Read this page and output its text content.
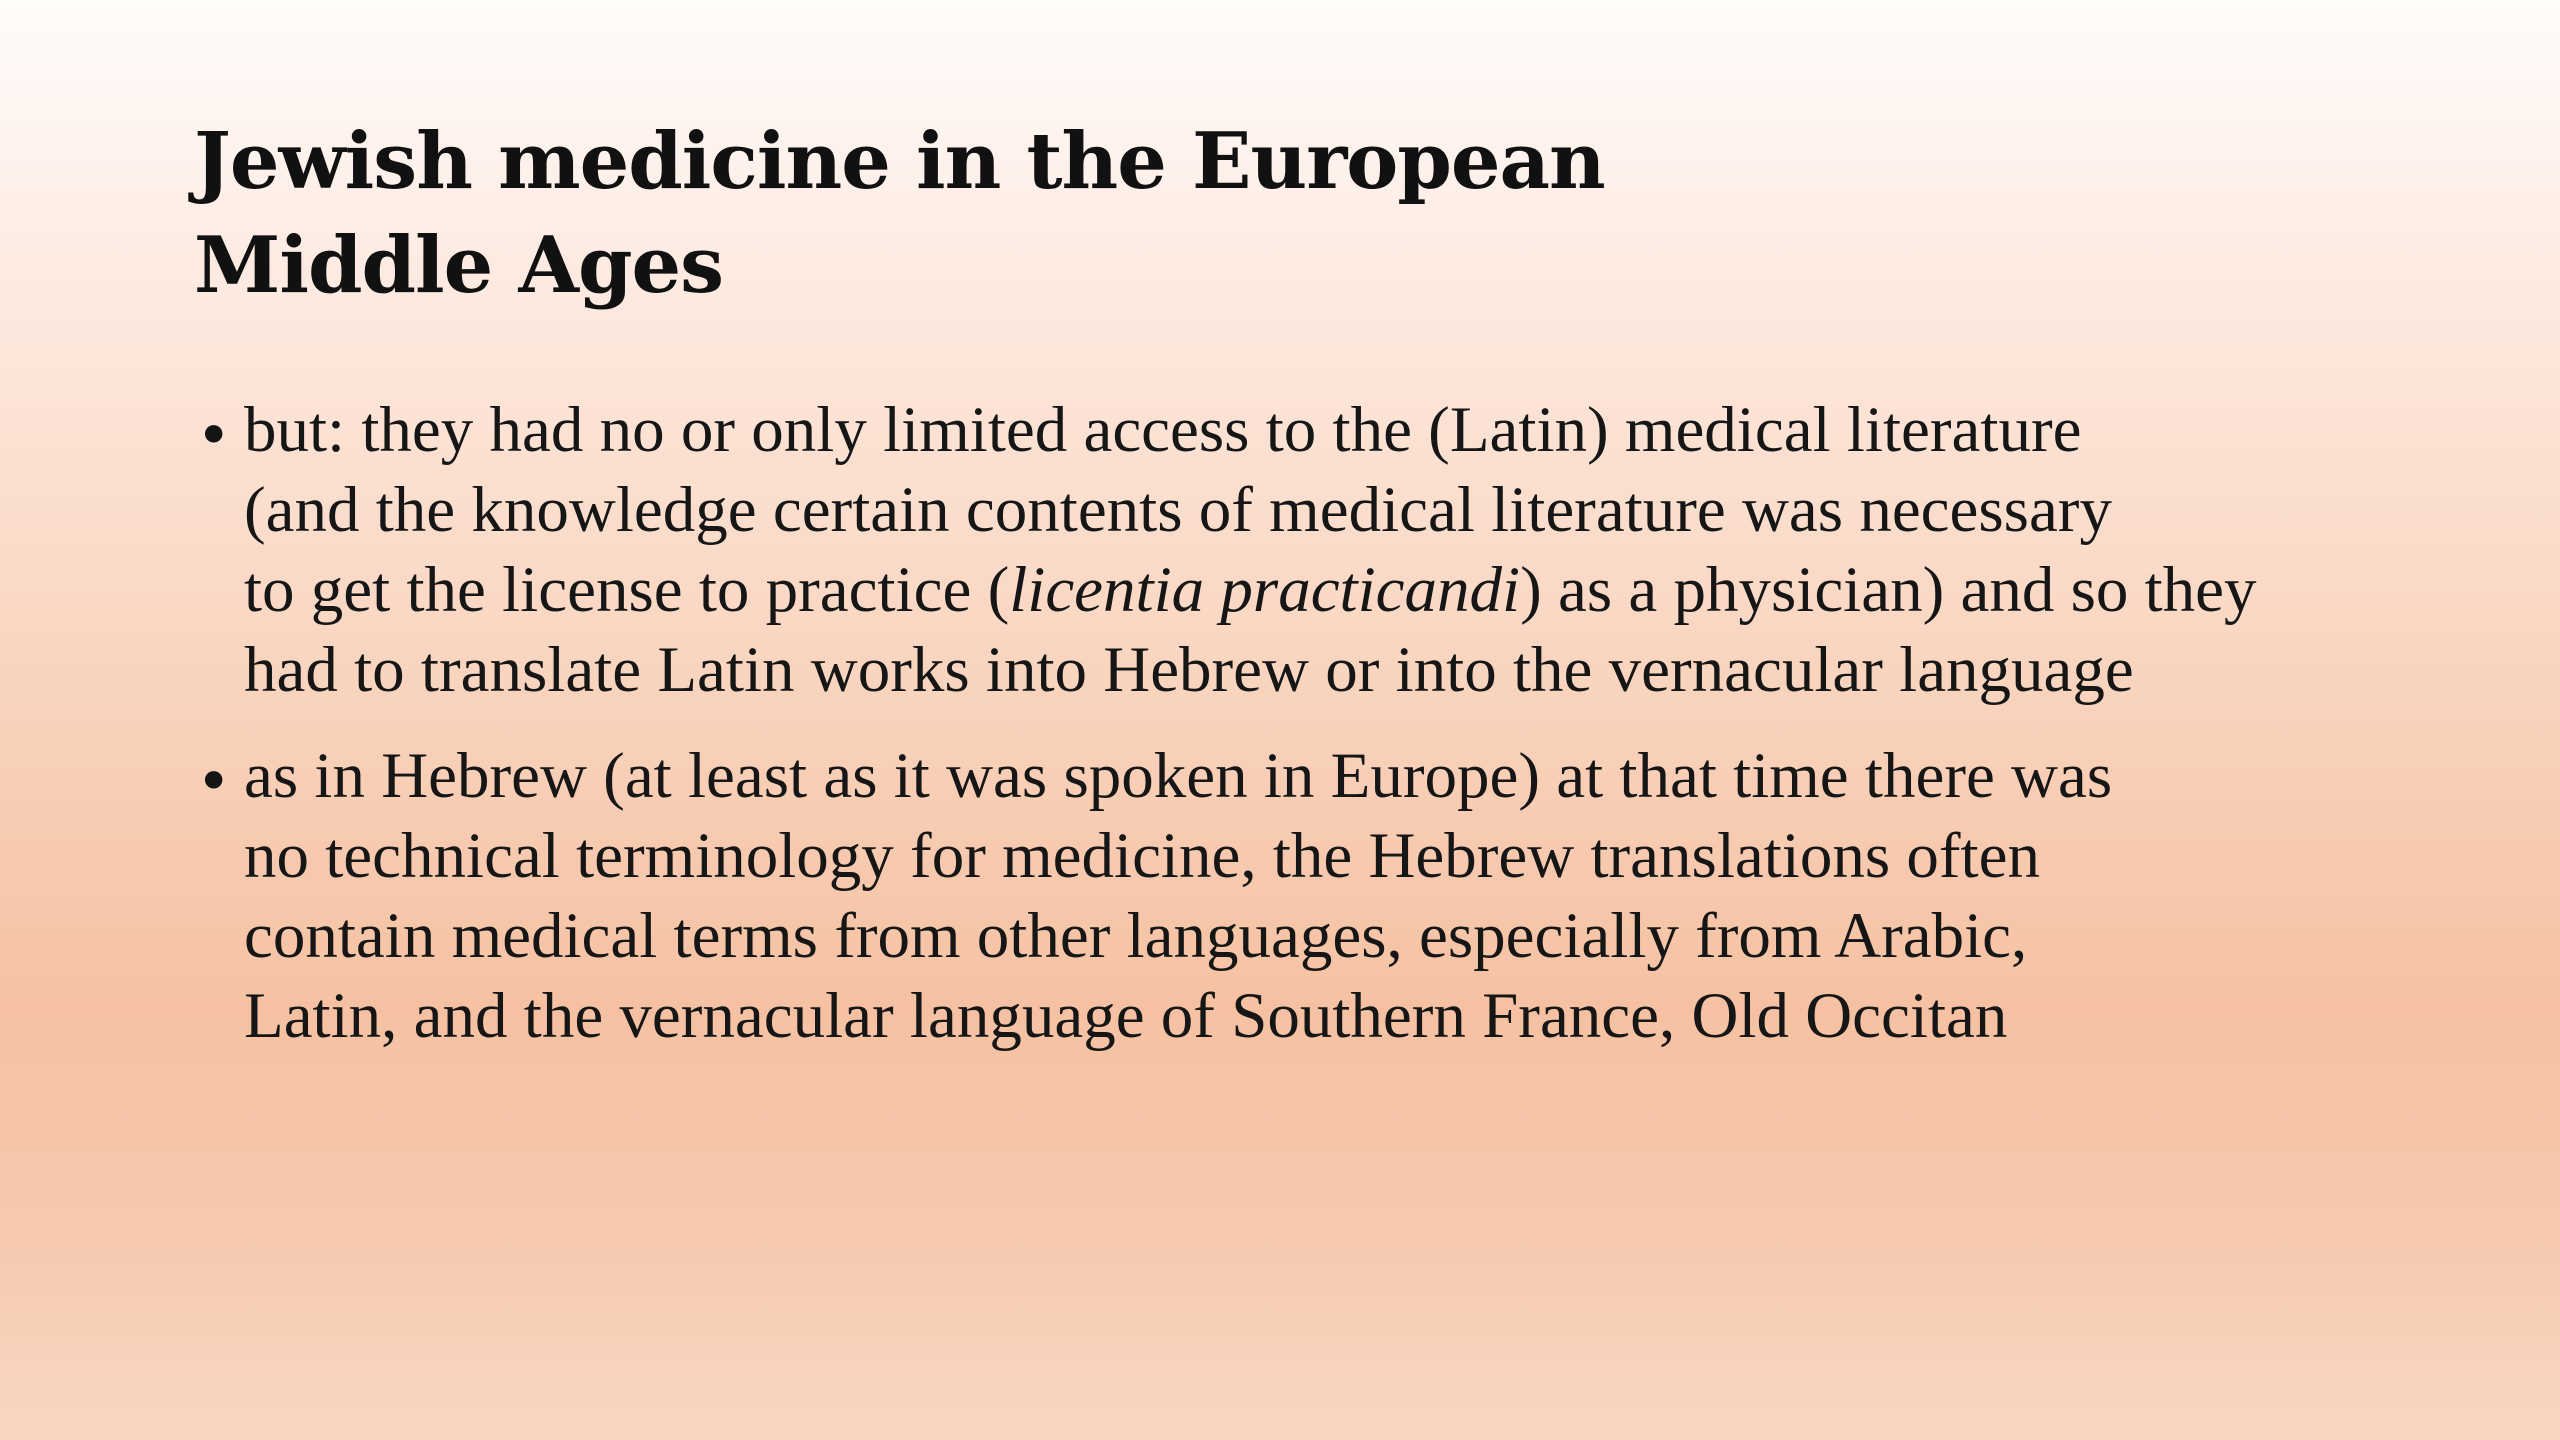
Jewish medicine in the European
Middle Ages
• but: they had no or only limited access to the (Latin) medical literature
(and the knowledge certain contents of medical literature was necessary
to get the license to practice (licentia practicandi) as a physician) and so they
had to translate Latin works into Hebrew or into the vernacular language
• as in Hebrew (at least as it was spoken in Europe) at that time there was
no technical terminology for medicine, the Hebrew translations often
contain medical terms from other languages, especially from Arabic,
Latin, and the vernacular language of Southern France, Old Occitan
